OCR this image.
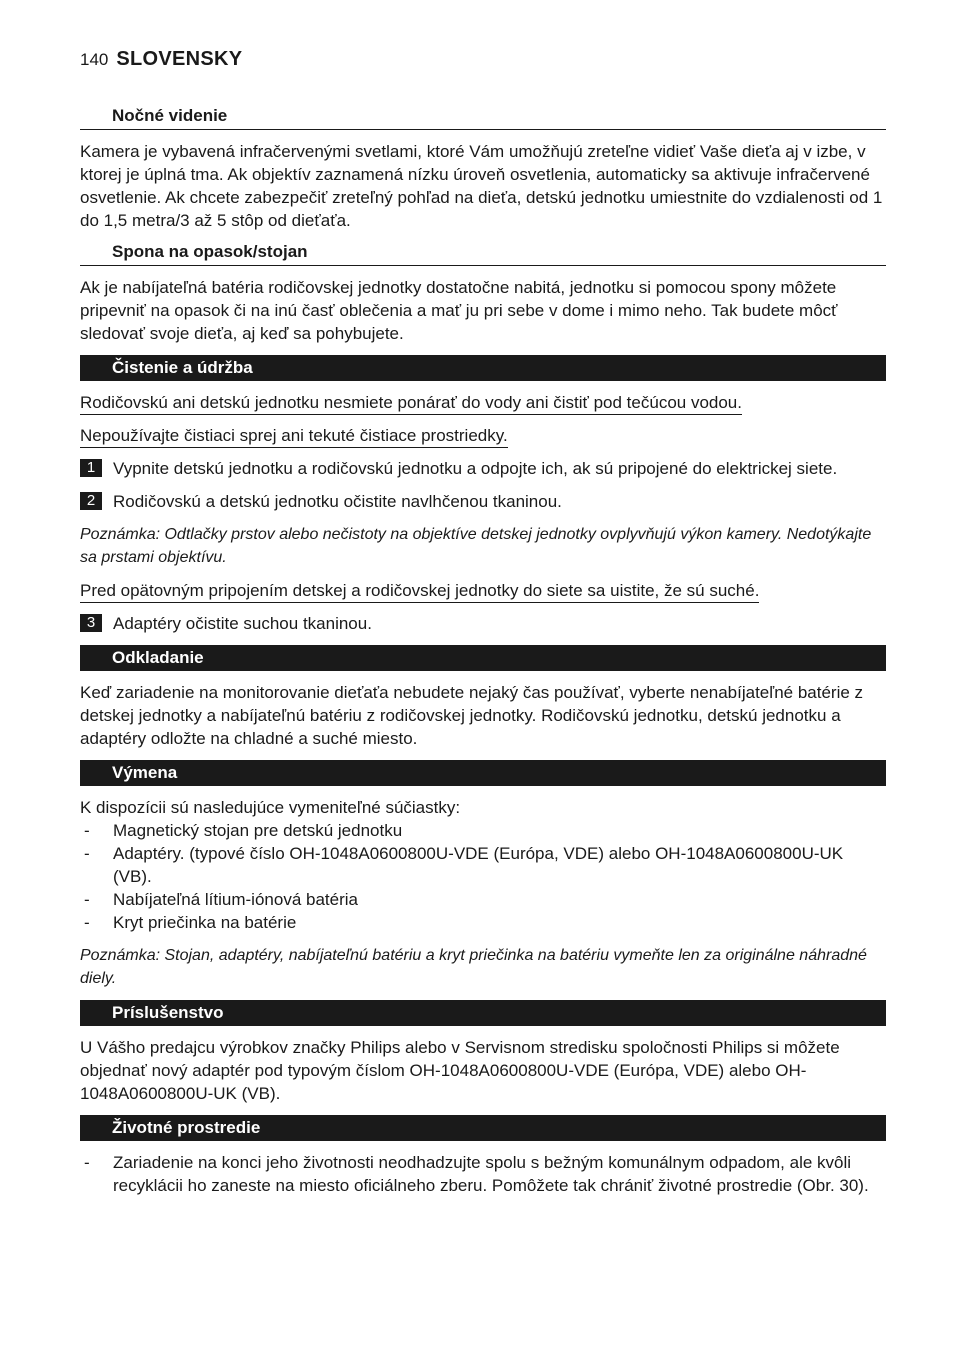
140 SLOVENSKY
Nočné videnie

Kamera je vybavená infračervenými svetlami, ktoré Vám umožňujú zreteľne vidieť Vaše dieťa aj v izbe, v ktorej je úplná tma. Ak objektív zaznamená nízku úroveň osvetlenia, automaticky sa aktivuje infračervené osvetlenie. Ak chcete zabezpečiť zreteľný pohľad na dieťa, detskú jednotku umiestnite do vzdialenosti od 1 do 1,5 metra/3 až 5 stôp od dieťaťa.

Spona na opasok/stojan

Ak je nabíjateľná batéria rodičovskej jednotky dostatočne nabitá, jednotku si pomocou spony môžete pripevniť na opasok či na inú časť oblečenia a mať ju pri sebe v dome i mimo neho. Tak budete môcť sledovať svoje dieťa, aj keď sa pohybujete.

Čistenie a údržba
Rodičovskú ani detskú jednotku nesmiete ponárať do vody ani čistiť pod tečúcou vodou.
Nepoužívajte čistiaci sprej ani tekuté čistiace prostriedky.
1	Vypnite detskú jednotku a rodičovskú jednotku a odpojte ich, ak sú pripojené do elektrickej siete.
2	Rodičovskú a detskú jednotku očistite navlhčenou tkaninou.

Poznámka: Odtlačky prstov alebo nečistoty na objektíve detskej jednotky ovplyvňujú výkon kamery. Nedotýkajte sa prstami objektívu.

Pred opätovným pripojením detskej a rodičovskej jednotky do siete sa uistite, že sú suché.
3	Adaptéry očistite suchou tkaninou.
Odkladanie

Keď zariadenie na monitorovanie dieťaťa nebudete nejaký čas používať, vyberte nenabíjateľné batérie z detskej jednotky a nabíjateľnú batériu z rodičovskej jednotky. Rodičovskú jednotku, detskú jednotku a adaptéry odložte na chladné a suché miesto.

Výmena

K dispozícii sú nasledujúce vymeniteľné súčiastky:

-	Magnetický stojan pre detskú jednotku
-	Adaptéry. (typové číslo OH-1048A0600800U-VDE (Európa, VDE) alebo OH-1048A0600800U-UK (VB).
-	Nabíjateľná lítium-iónová batéria
-	Kryt priečinka na batérie

Poznámka: Stojan, adaptéry, nabíjateľnú batériu a kryt priečinka na batériu vymeňte len za originálne náhradné diely.

Príslušenstvo

U Vášho predajcu výrobkov značky Philips alebo v Servisnom stredisku spoločnosti Philips si môžete objednať nový adaptér pod typovým číslom OH-1048A0600800U-VDE (Európa, VDE) alebo OH-1048A0600800U-UK (VB).

Životné prostredie
-	Zariadenie na konci jeho životnosti neodhadzujte spolu s bežným komunálnym odpadom, ale kvôli recyklácii ho zaneste na miesto oficiálneho zberu. Pomôžete tak chrániť životné prostredie (Obr. 30).
